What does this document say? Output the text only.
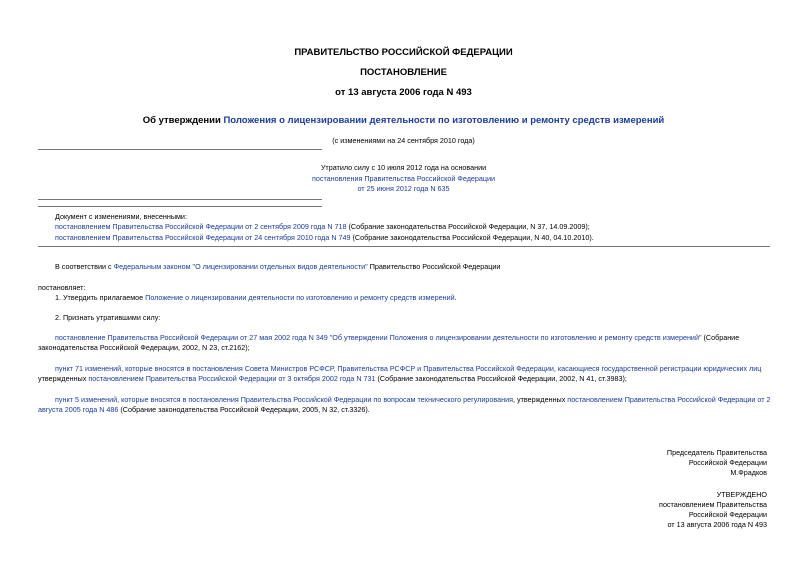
ПРАВИТЕЛЬСТВО РОССИЙСКОЙ ФЕДЕРАЦИИ
ПОСТАНОВЛЕНИЕ
от 13 августа 2006 года N 493
Об утверждении Положения о лицензировании деятельности по изготовлению и ремонту средств измерений
(с изменениями на 24 сентября 2010 года)
Утратило силу с 10 июля 2012 года на основании
постановления Правительства Российской Федерации
от 25 июня 2012 года N 635
Документ с изменениями, внесенными:
постановлением Правительства Российской Федерации от 2 сентября 2009 года N 718 (Собрание законодательства Российской Федерации, N 37, 14.09.2009);
постановлением Правительства Российской Федерации от 24 сентября 2010 года N 749 (Собрание законодательства Российской Федерации, N 40, 04.10.2010).
В соответствии с Федеральным законом "О лицензировании отдельных видов деятельности" Правительство Российской Федерации
постановляет:
1. Утвердить прилагаемое Положение о лицензировании деятельности по изготовлению и ремонту средств измерений.
2. Признать утратившими силу:
постановление Правительства Российской Федерации от 27 мая 2002 года N 349 "Об утверждении Положения о лицензировании деятельности по изготовлению и ремонту средств измерений" (Собрание
законодательства Российской Федерации, 2002, N 23, ст.2162);
пункт 71 изменений, которые вносятся в постановления Совета Министров РСФСР, Правительства РСФСР и Правительства Российской Федерации, касающиеся государственной регистрации юридических лиц
утвержденных постановлением Правительства Российской Федерации от 3 октября 2002 года N 731 (Собрание законодательства Российской Федерации, 2002, N 41, ст.3983);
пункт 5 изменений, которые вносятся в постановления Правительства Российской Федерации по вопросам технического регулирования, утвержденных постановлением Правительства Российской Федерации от 2
августа 2005 года N 486 (Собрание законодательства Российской Федерации, 2005, N 32, ст.3326).
Председатель Правительства
Российской Федерации
М.Фрадков
УТВЕРЖДЕНО
постановлением Правительства
Российской Федерации
от 13 августа 2006 года N 493
